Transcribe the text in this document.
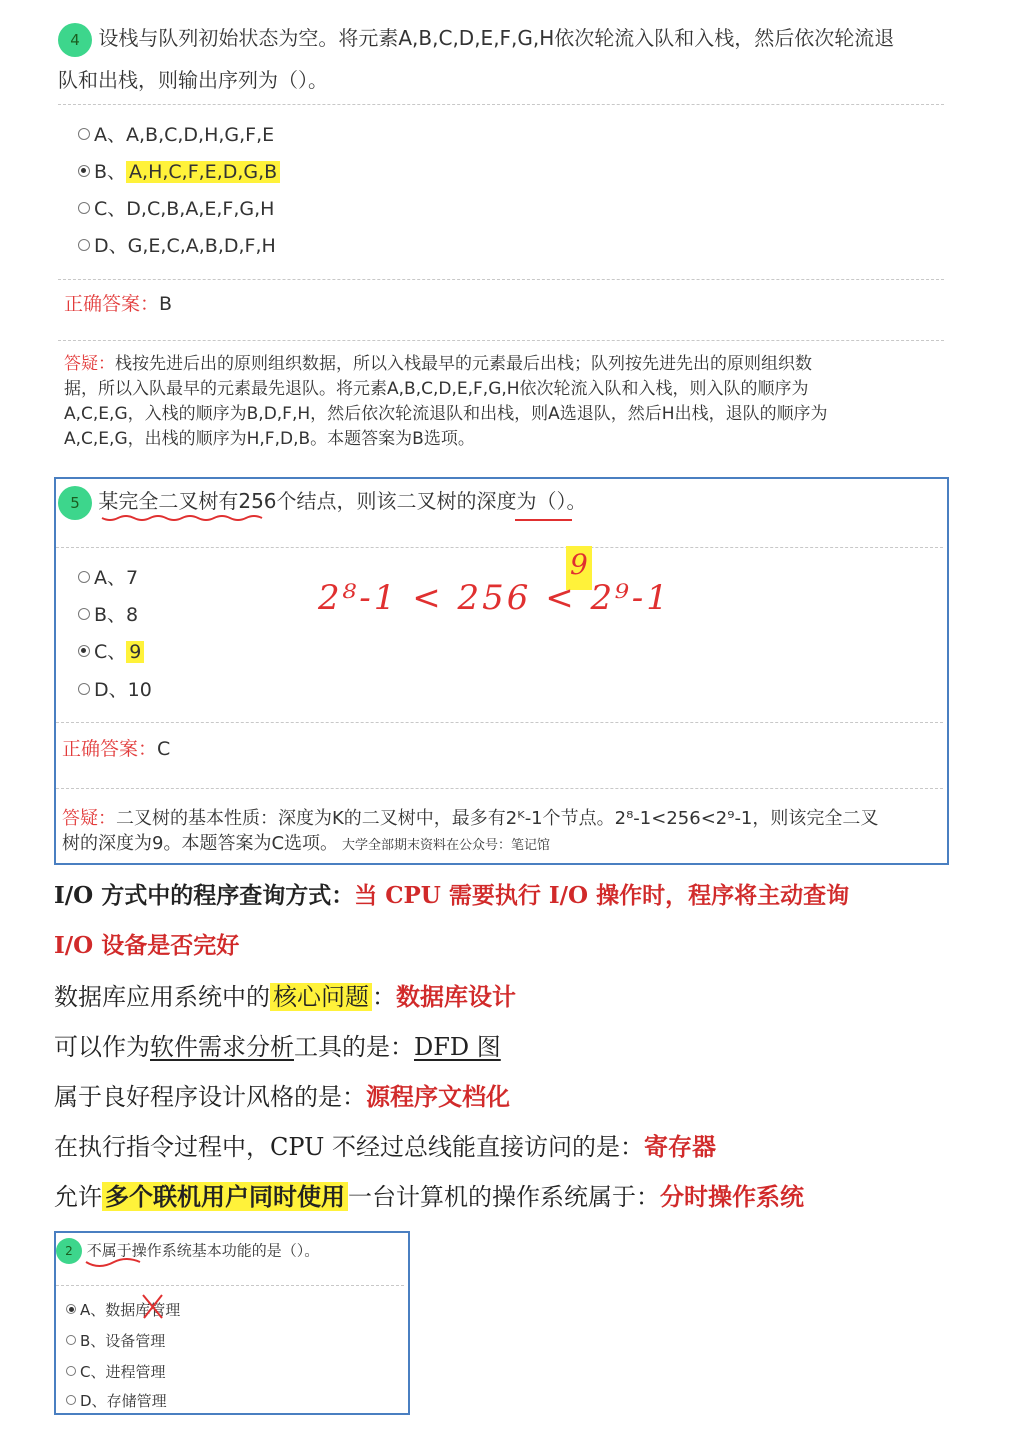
4 设栈与队列初始状态为空。将元素A,B,C,D,E,F,G,H依次轮流入队和入栈，然后依次轮流退
队和出栈，则输出序列为（）。
A、A,B,C,D,H,G,F,E
B、 A,H,C,F,E,D,G,B
C、D,C,B,A,E,F,G,H
D、G,E,C,A,B,D,F,H
正确答案：B
答疑：栈按先进后出的原则组织数据，所以入栈最早的元素最后出栈；队列按先进先出的原则组织数
据，所以入队最早的元素最先退队。将元素A,B,C,D,E,F,G,H依次轮流入队和入栈，则入队的顺序为
A,C,E,G，入栈的顺序为B,D,F,H，然后依次轮流退队和出栈，则A选退队，然后H出栈，退队的顺序为
A,C,E,G，出栈的顺序为H,F,D,B。本题答案为B选项。
5 某完全二叉树有256个结点，则该二叉树的深度为（）。
A、7
B、8
C、 9
D、10
9
2⁸-1 < 256 < 2⁹-1
正确答案：C
答疑：二叉树的基本性质：深度为K的二叉树中，最多有2ᴷ-1个节点。2⁸-1<256<2⁹-1，则该完全二叉
树的深度为9。本题答案为C选项。 大学全部期末资料在公众号：笔记馆
I/O 方式中的程序查询方式：当 CPU 需要执行 I/O 操作时，程序将主动查询
I/O 设备是否完好
数据库应用系统中的 核心问题 ：数据库设计
可以作为软件需求分析工具的是：DFD 图
属于良好程序设计风格的是：源程序文档化
在执行指令过程中，CPU 不经过总线能直接访问的是：寄存器
允许 多个联机用户同时使用 一台计算机的操作系统属于：分时操作系统
2 不属于操作系统基本功能的是（）。
A、数据库管理
B、设备管理
C、进程管理
D、存储管理
